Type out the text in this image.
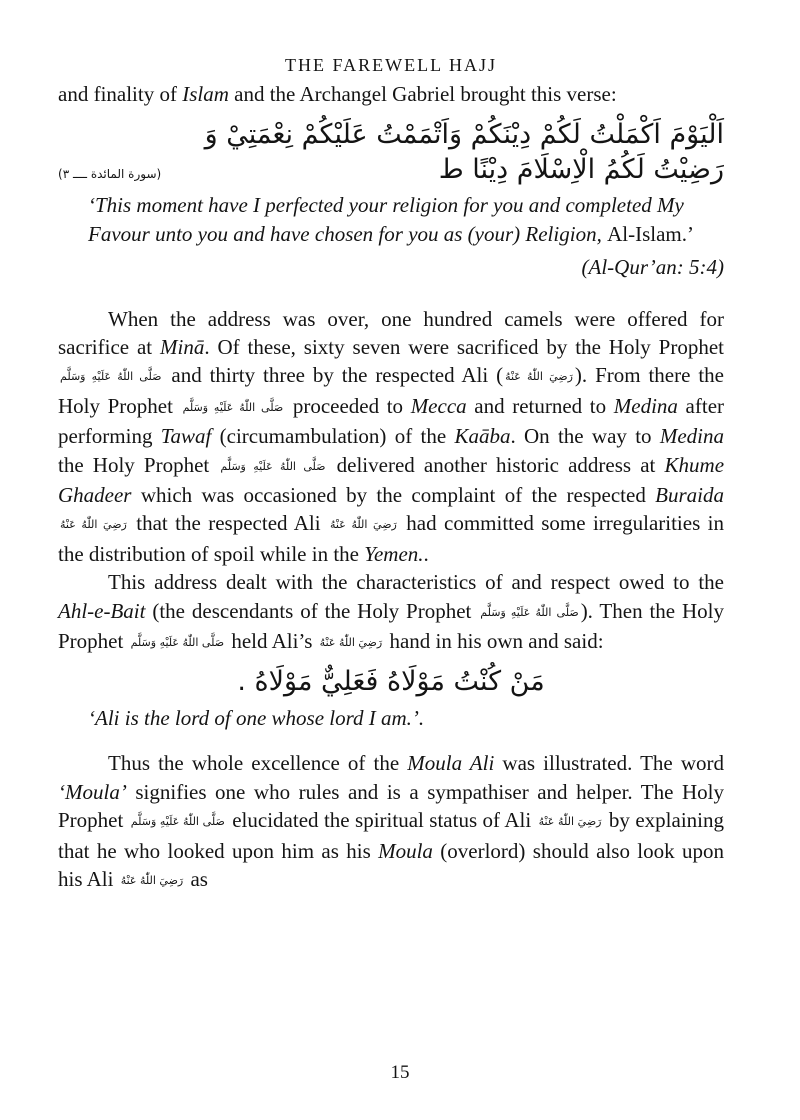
THE FAREWELL HAJJ

and finality of Islam and the Archangel Gabriel brought this verse:

اَلْيَوْمَ اَكْمَلْتُ لَكُمْ دِيْنَكُمْ وَاَتْمَمْتُ عَلَيْكُمْ نِعْمَتِيْ وَ
رَضِيْتُ لَكُمُ الْاِسْلَامَ دِيْنًا ط
(سورة المائدة ــــ ٣)

‘This moment have I perfected your religion for you and completed My Favour unto you and have chosen for you as (your) Religion, Al-Islam.’

(Al-Qur’an: 5:4)

When the address was over, one hundred camels were offered for sacrifice at Minā. Of these, sixty seven were sacrificed by the Holy Prophet صَلَّى اللّٰهُ عَلَيْهِ وَسَلَّم and thirty three by the respected Ali ( رَضِيَ اللّٰهُ عَنْهُ). From there the Holy Prophet صَلَّى اللّٰهُ عَلَيْهِ وَسَلَّم proceeded to Mecca and returned to Medina after performing Tawaf (circumambulation) of the Kaāba. On the way to Medina the Holy Prophet صَلَّى اللّٰهُ عَلَيْهِ وَسَلَّم delivered another historic address at Khume Ghadeer which was occasioned by the complaint of the respected Buraida رَضِيَ اللّٰهُ عَنْهُ that the respected Ali رَضِيَ اللّٰهُ عَنْهُ had committed some irregularities in the distribution of spoil while in the Yemen..

This address dealt with the characteristics of and respect owed to the Ahl-e-Bait (the descendants of the Holy Prophet صَلَّى اللّٰهُ عَلَيْهِ وَسَلَّم). Then the Holy Prophet صَلَّى اللّٰهُ عَلَيْهِ وَسَلَّم held Ali’s رَضِيَ اللّٰهُ عَنْهُ hand in his own and said:

مَنْ كُنْتُ مَوْلَاهُ فَعَلِيٌّ مَوْلَاهُ .

‘Ali is the lord of one whose lord I am.’.

Thus the whole excellence of the Moula Ali was illustrated. The word ‘Moula’ signifies one who rules and is a sympathiser and helper. The Holy Prophet صَلَّى اللّٰهُ عَلَيْهِ وَسَلَّم elucidated the spiritual status of Ali رَضِيَ اللّٰهُ عَنْهُ by explaining that he who looked upon him as his Moula (overlord) should also look upon his Ali رَضِيَ اللّٰهُ عَنْهُ as

15
